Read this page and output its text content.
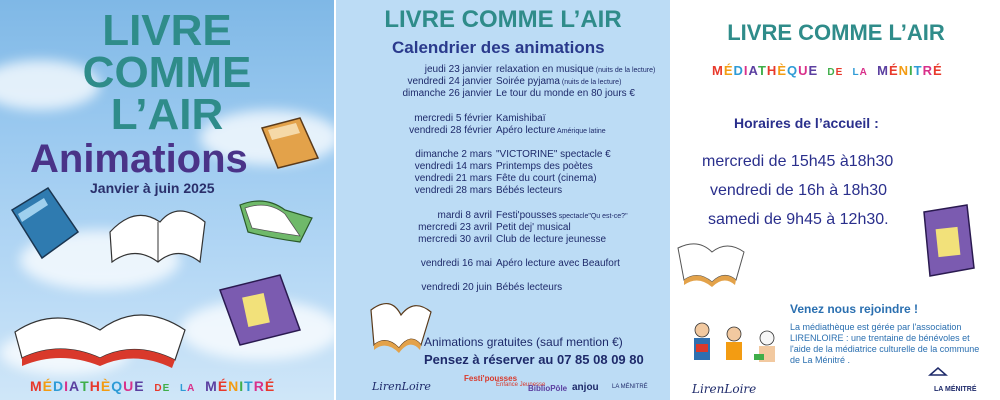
LIVRE
COMME
L’AIR
Animations
Janvier à juin 2025
MÉDIATHÈQUE DE LA MÉNITRÉ
LIVRE COMME L’AIR
Calendrier des animations
jeudi 23 janvier relaxation en musique (nuits de la lecture)
vendredi 24 janvier Soirée pyjama (nuits de la lecture)
dimanche 26 janvier Le tour du monde en 80 jours €
mercredi 5 février Kamishibaï
vendredi 28 février Apéro lecture Amérique latine
dimanche 2 mars "VICTORINE" spectacle €
vendredi 14 mars Printemps des poètes
vendredi 21 mars Fête du court (cinema)
vendredi 28 mars Bébés lecteurs
mardi 8 avril Festi'pousses spectacle"Qu est-ce?"
mercredi 23 avril Petit dej' musical
mercredi 30 avril Club de lecture jeunesse
vendredi 16 mai Apéro lecture avec Beaufort
vendredi 20 juin Bébés lecteurs
Animations gratuites (sauf mention €)
Pensez à réserver au 07 85 08 09 80
LirenLoire
Festi'pousses
Enfance Jeunesse
BiblioPôle anjou LA MÉNITRÉ
LIVRE COMME L’AIR
MÉDIATHÈQUE DE LA MÉNITRÉ
Horaires de l’accueil :
mercredi de 15h45 à18h30
vendredi de 16h à 18h30
samedi de 9h45 à 12h30.
Venez nous rejoindre !
La médiathèque est gérée par l'association LIRENLOIRE : une trentaine de bénévoles et l'aide de la médiatrice culturelle de la commune de La Ménitré .
LirenLoire	LA MÉNITRÉ
